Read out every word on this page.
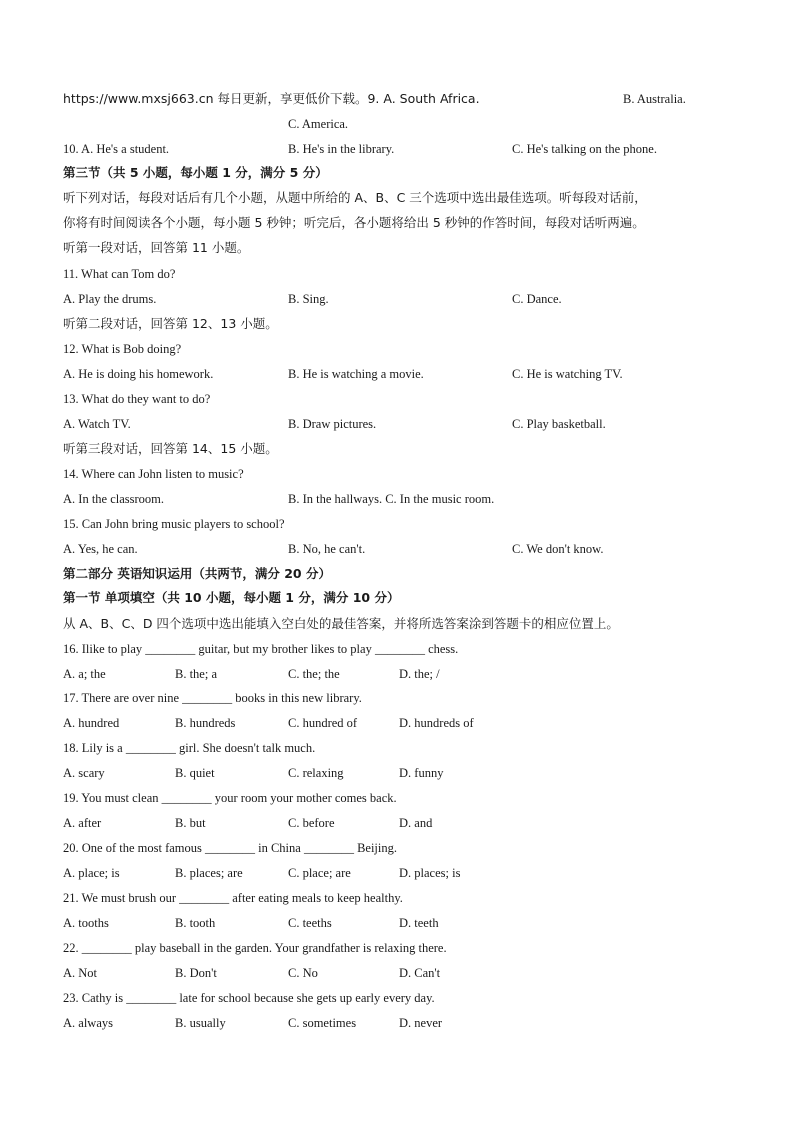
https://www.mxsj663.cn 每日更新，享更低价下载。9. A. South Africa.	B. Australia.
C. America.
10. A. He's a student.	B. He's in the library.	C. He's talking on the phone.
第三节（共 5 小题，每小题 1 分，满分 5 分）
听下列对话，每段对话后有几个小题，从题中所给的 A、B、C 三个选项中选出最佳选项。听每段对话前，
你将有时间阅读各个小题，每小题 5 秒钟；听完后，各小题将给出 5 秒钟的作答时间，每段对话听两遍。
听第一段对话，回答第 11 小题。
11. What can Tom do?
A. Play the drums.	B. Sing.	C. Dance.
听第二段对话，回答第 12、13 小题。
12. What is Bob doing?
A. He is doing his homework.	B. He is watching a movie.	C. He is watching TV.
13. What do they want to do?
A. Watch TV.	B. Draw pictures.	C. Play basketball.
听第三段对话，回答第 14、15 小题。
14. Where can John listen to music?
A. In the classroom.	B. In the hallways. C. In the music room.
15. Can John bring music players to school?
A. Yes, he can.	B. No, he can't.	C. We don't know.
第二部分 英语知识运用（共两节，满分 20 分）
第一节 单项填空（共 10 小题，每小题 1 分，满分 10 分）
从 A、B、C、D 四个选项中选出能填入空白处的最佳答案，并将所选答案涂到答题卡的相应位置上。
16. Ilike to play ________ guitar, but my brother likes to play ________ chess.
A. a; the	B. the; a	C. the; the	D. the; /
17. There are over nine ________ books in this new library.
A. hundred	B. hundreds	C. hundred of	D. hundreds of
18. Lily is a ________ girl. She doesn't talk much.
A. scary	B. quiet	C. relaxing	D. funny
19. You must clean ________ your room your mother comes back.
A. after	B. but	C. before	D. and
20. One of the most famous ________ in China ________ Beijing.
A. place; is	B. places; are	C. place; are	D. places; is
21. We must brush our ________ after eating meals to keep healthy.
A. tooths	B. tooth	C. teeths	D. teeth
22. ________ play baseball in the garden. Your grandfather is relaxing there.
A. Not	B. Don't	C. No	D. Can't
23. Cathy is ________ late for school because she gets up early every day.
A. always	B. usually	C. sometimes	D. never
